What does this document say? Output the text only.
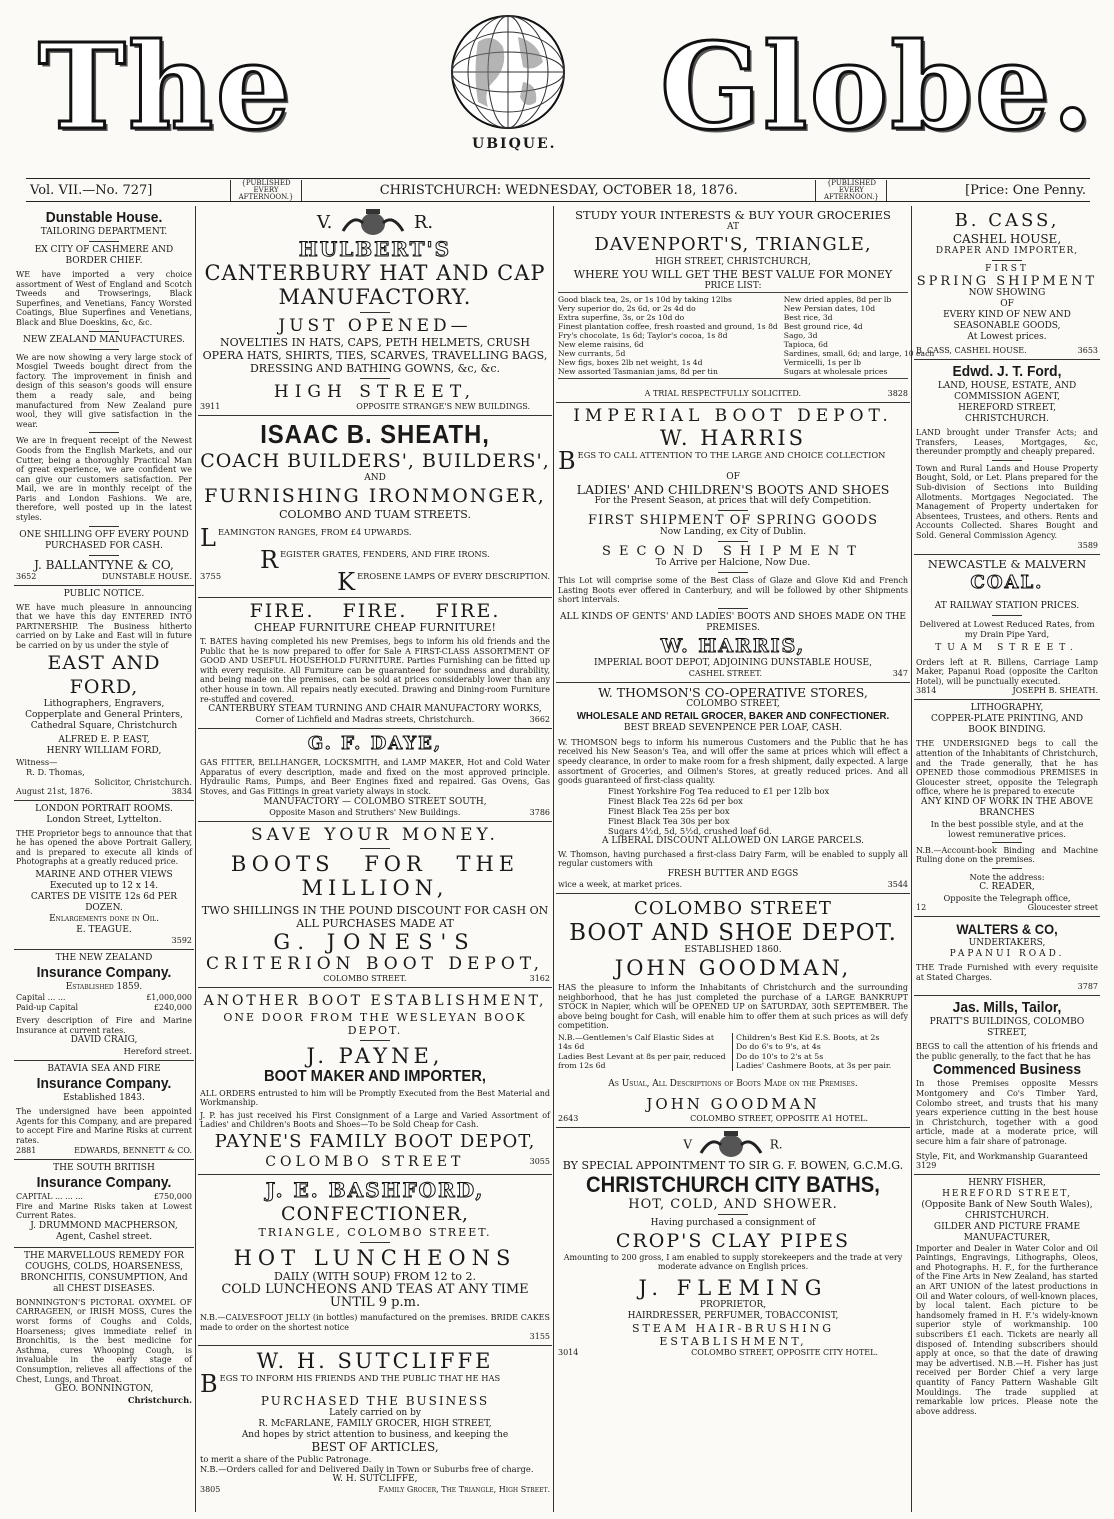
The	UBIQUE. Globe.
Vol. VII.—No. 727]	{PUBLISHED EVERY AFTERNOON.}	CHRISTCHURCH: WEDNESDAY, OCTOBER 18, 1876.	{PUBLISHED EVERY AFTERNOON.}	[Price: One Penny.
Dunstable House.
TAILORING DEPARTMENT.
EX CITY OF CASHMERE AND BORDER CHIEF.
WE have imported a very choice assortment of West of England and Scotch Tweeds and Trowserings, Black Superfines, and Venetians, Fancy Worsted Coatings, Blue Superfines and Venetians, Black and Blue Doeskins, &c, &c.
NEW ZEALAND MANUFACTURES.
We are now showing a very large stock of Mosgiel Tweeds bought direct from the factory. The improvement in finish and design of this season's goods will ensure them a ready sale, and being manufactured from New Zealand pure wool, they will give satisfaction in the wear.
We are in frequent receipt of the Newest Goods from the English Markets, and our Cutter, being a thoroughly Practical Man of great experience, we are confident we can give our customers satisfaction. Per Mail, we are in monthly receipt of the Paris and London Fashions. We are, therefore, well posted up in the latest styles.
ONE SHILLING OFF EVERY POUND PURCHASED FOR CASH.
J. BALLANTYNE & CO,
3652	DUNSTABLE HOUSE.
PUBLIC NOTICE.
WE have much pleasure in announcing that we have this day ENTERED INTO PARTNERSHIP. The Business hitherto carried on by Lake and East will in future be carried on by us under the style of
EAST AND FORD,
Lithographers, Engravers, Copperplate and General Printers,
Cathedral Square, Christchurch
ALFRED E. P. EAST,
HENRY WILLIAM FORD,
Witness—
R. D. Thomas,
Solicitor, Christchurch.
August 21st, 1876.	3834
LONDON PORTRAIT ROOMS.
London Street, Lyttelton.
THE Proprietor begs to announce that that he has opened the above Portrait Gallery, and is prepared to execute all kinds of Photographs at a greatly reduced price.
MARINE AND OTHER VIEWS
Executed up to 12 x 14.
CARTES DE VISITE 12s 6d PER DOZEN.
Enlargements done in Oil.
E. TEAGUE.
3592
THE NEW ZEALAND
Insurance Company.
Established 1859.
Capital ... ...	£1,000,000
Paid-up Capital	£240,000
Every description of Fire and Marine Insurance at current rates.
DAVID CRAIG,
Hereford street.
BATAVIA SEA AND FIRE
Insurance Company.
Established 1843.
The undersigned have been appointed Agents for this Company, and are prepared to accept Fire and Marine Risks at current rates.
2881	EDWARDS, BENNETT & CO.
THE SOUTH BRITISH
Insurance Company.
CAPITAL ... ... ...	£750,000
Fire and Marine Risks taken at Lowest Current Rates.
J. DRUMMOND MACPHERSON,
Agent, Cashel street.
THE MARVELLOUS REMEDY FOR COUGHS, COLDS, HOARSENESS, BRONCHITIS, CONSUMPTION, And all CHEST DISEASES.
BONNINGTON'S PICTORAL OXYMEL OF CARRAGEEN, or IRISH MOSS, Cures the worst forms of Coughs and Colds, Hoarseness; gives immediate relief in Bronchitis, is the best medicine for Asthma, cures Whooping Cough, is invaluable in the early stage of Consumption, relieves all affections of the Chest, Lungs, and Throat.
GEO. BONNINGTON,
Christchurch.
V.	R.
HULBERT'S
CANTERBURY HAT AND CAP MANUFACTORY.
JUST OPENED—
NOVELTIES IN HATS, CAPS, PETH HELMETS, CRUSH OPERA HATS, SHIRTS, TIES, SCARVES, TRAVELLING BAGS, DRESSING AND BATHING GOWNS, &c, &c.
HIGH STREET,
3911	OPPOSITE STRANGE'S NEW BUILDINGS.
ISAAC B. SHEATH,
COACH BUILDERS', BUILDERS',
AND
FURNISHING IRONMONGER,
COLOMBO AND TUAM STREETS.
LEAMINGTON RANGES, FROM £4 UPWARDS.
REGISTER GRATES, FENDERS, AND FIRE IRONS.
3755	KEROSENE LAMPS OF EVERY DESCRIPTION.
FIRE. FIRE. FIRE.
CHEAP FURNITURE CHEAP FURNITURE!
T. BATES having completed his new Premises, begs to inform his old friends and the Public that he is now prepared to offer for Sale A FIRST-CLASS ASSORTMENT OF GOOD AND USEFUL HOUSEHOLD FURNITURE. Parties Furnishing can be fitted up with every requisite. All Furniture can be guaranteed for soundness and durability, and being made on the premises, can be sold at prices considerably lower than any other house in town. All repairs neatly executed. Drawing and Dining-room Furniture re-stuffed and covered.
CANTERBURY STEAM TURNING AND CHAIR MANUFACTORY WORKS,
Corner of Lichfield and Madras streets, Christchurch.	3662
G. F. DAYE,
GAS FITTER, BELLHANGER, LOCKSMITH, and LAMP MAKER, Hot and Cold Water Apparatus of every description, made and fixed on the most approved principle. Hydraulic Rams, Pumps, and Beer Engines fixed and repaired. Gas Ovens, Gas Stoves, and Gas Fittings in great variety always in stock.
MANUFACTORY — COLOMBO STREET SOUTH,
Opposite Mason and Struthers' New Buildings.	3786
SAVE YOUR MONEY.
BOOTS FOR THE MILLION,
TWO SHILLINGS IN THE POUND DISCOUNT FOR CASH ON ALL PURCHASES MADE AT
G. JONES'S
CRITERION BOOT DEPOT,
COLOMBO STREET.	3162
ANOTHER BOOT ESTABLISHMENT,
ONE DOOR FROM THE WESLEYAN BOOK DEPOT.
J. PAYNE,
BOOT MAKER AND IMPORTER,
ALL ORDERS entrusted to him will be Promptly Executed from the Best Material and Workmanship.
J. P. has just received his First Consignment of a Large and Varied Assortment of Ladies' and Children's Boots and Shoes—To be Sold Cheap for Cash.
PAYNE'S FAMILY BOOT DEPOT,
COLOMBO STREET	3055
J. E. BASHFORD,
CONFECTIONER,
TRIANGLE, COLOMBO STREET.
HOT LUNCHEONS
DAILY (WITH SOUP) FROM 12 to 2.
COLD LUNCHEONS AND TEAS AT ANY TIME
UNTIL 9 p.m.
N.B.—CALVESFOOT JELLY (in bottles) manufactured on the premises. BRIDE CAKES made to order on the shortest notice
3155
W. H. SUTCLIFFE
BEGS TO INFORM HIS FRIENDS AND THE PUBLIC THAT HE HAS
PURCHASED THE BUSINESS
Lately carried on by
R. McFARLANE, FAMILY GROCER, HIGH STREET,
And hopes by strict attention to business, and keeping the
BEST OF ARTICLES,
to merit a share of the Public Patronage.
N.B.—Orders called for and Delivered Daily in Town or Suburbs free of charge.
W. H. SUTCLIFFE,
3805	Family Grocer, The Triangle, High Street.
STUDY YOUR INTERESTS & BUY YOUR GROCERIES
AT
DAVENPORT'S, TRIANGLE,
HIGH STREET, CHRISTCHURCH,
WHERE YOU WILL GET THE BEST VALUE FOR MONEY
PRICE LIST:
Good black tea, 2s, or 1s 10d by taking 12lbs	New dried apples, 8d per lb
Very superior do, 2s 6d, or 2s 4d do	New Persian dates, 10d
Extra superfine, 3s, or 2s 10d do	Best rice, 3d
Finest plantation coffee, fresh roasted and ground, 1s 8d Best ground rice, 4d
Fry's chocolate, 1s 6d; Taylor's cocoa, 1s 8d	Sago, 3d
New eleme raisins, 6d	Tapioca, 6d
New currants, 5d	Sardines, small, 6d; and large, 10 each
New figs, boxes 2lb net weight, 1s 4d	Vermicelli, 1s per lb
New assorted Tasmanian jams, 8d per tin	Sugars at wholesale prices
A TRIAL RESPECTFULLY SOLICITED.	3828
IMPERIAL BOOT DEPOT.
W. HARRIS
BEGS TO CALL ATTENTION TO THE LARGE AND CHOICE COLLECTION
OF
LADIES' AND CHILDREN'S BOOTS AND SHOES
For the Present Season, at prices that will defy Competition.
FIRST SHIPMENT OF SPRING GOODS
Now Landing, ex City of Dublin.
SECOND SHIPMENT
To Arrive per Halcione, Now Due.
This Lot will comprise some of the Best Class of Glaze and Glove Kid and French Lasting Boots ever offered in Canterbury, and will be followed by other Shipments short intervals.
ALL KINDS OF GENTS' AND LADIES' BOOTS AND SHOES MADE ON THE PREMISES.
W. HARRIS,
IMPERIAL BOOT DEPOT, ADJOINING DUNSTABLE HOUSE,
CASHEL STREET.	347
W. THOMSON'S CO-OPERATIVE STORES,
COLOMBO STREET,
WHOLESALE AND RETAIL GROCER, BAKER AND CONFECTIONER.
BEST BREAD SEVENPENCE PER LOAF, CASH.
W. THOMSON begs to inform his numerous Customers and the Public that he has received his New Season's Tea, and will offer the same at prices which will effect a speedy clearance, in order to make room for a fresh shipment, daily expected. A large assortment of Groceries, and Oilmen's Stores, at greatly reduced prices. And all goods guaranteed of first-class quality.
Finest Yorkshire Fog Tea reduced to £1 per 12lb box
Finest Black Tea 22s 6d per box
Finest Black Tea 25s per box
Finest Black Tea 30s per box
Sugars 4½d, 5d, 5½d, crushed loaf 6d.
A LIBERAL DISCOUNT ALLOWED ON LARGE PARCELS.
W. Thomson, having purchased a first-class Dairy Farm, will be enabled to supply all regular customers with
FRESH BUTTER AND EGGS
wice a week, at market prices.	3544
COLOMBO STREET
BOOT AND SHOE DEPOT.
ESTABLISHED 1860.
JOHN GOODMAN,
HAS the pleasure to inform the Inhabitants of Christchurch and the surrounding neighborhood, that he has just completed the purchase of a LARGE BANKRUPT STOCK in Napier, which will be OPENED UP on SATURDAY, 30th SEPTEMBER. The above being bought for Cash, will enable him to offer them at such prices as will defy competition.
N.B.—Gentlemen's Calf Elastic Sides at 14s 6d
Ladies Best Levant at 8s per pair, reduced from 12s 6d
Children's Best Kid E.S. Boots, at 2s
Do do 6's to 9's, at 4s
Do do 10's to 2's at 5s
Ladies' Cashmere Boots, at 3s per pair.
As Usual, All Descriptions of Boots Made on the Premises.
JOHN GOODMAN
2643	COLOMBO STREET, OPPOSITE A1 HOTEL.
V	R.
BY SPECIAL APPOINTMENT TO SIR G. F. BOWEN, G.C.M.G.
CHRISTCHURCH CITY BATHS,
HOT, COLD, AND SHOWER.
Having purchased a consignment of
CROP'S CLAY PIPES
Amounting to 200 gross, I am enabled to supply storekeepers and the trade at very moderate advance on English prices.
J. FLEMING
PROPRIETOR,
HAIRDRESSER, PERFUMER, TOBACCONIST,
STEAM HAIR-BRUSHING ESTABLISHMENT,
3014	COLOMBO STREET, OPPOSITE CITY HOTEL.
B. CASS,
CASHEL HOUSE,
DRAPER AND IMPORTER,
FIRST
SPRING SHIPMENT
NOW SHOWING
OF
EVERY KIND OF NEW AND SEASONABLE GOODS,
At Lowest prices.
B. CASS, CASHEL HOUSE.	3653
Edwd. J. T. Ford,
LAND, HOUSE, ESTATE, AND COMMISSION AGENT,
HEREFORD STREET, CHRISTCHURCH.
LAND brought under Transfer Acts; and Transfers, Leases, Mortgages, &c, thereunder promptly and cheaply prepared.
Town and Rural Lands and House Property Bought, Sold, or Let. Plans prepared for the Sub-division of Sections into Building Allotments. Mortgages Negociated. The Management of Property undertaken for Absentees, Trustees, and others. Rents and Accounts Collected. Shares Bought and Sold. General Commission Agency.
3589
NEWCASTLE & MALVERN
COAL.
AT RAILWAY STATION PRICES.
Delivered at Lowest Reduced Rates, from my Drain Pipe Yard,
TUAM STREET.
Orders left at R. Billens, Carriage Lamp Maker, Papanui Road (opposite the Carlton Hotel), will be punctually executed.
3814	JOSEPH B. SHEATH.
LITHOGRAPHY,
COPPER-PLATE PRINTING, AND BOOK BINDING.
THE UNDERSIGNED begs to call the attention of the Inhabitants of Christchurch, and the Trade generally, that he has OPENED those commodious PREMISES in Gloucester street, opposite the Telegraph office, where he is prepared to execute
ANY KIND OF WORK IN THE ABOVE BRANCHES
In the best possible style, and at the lowest remunerative prices.
N.B.—Account-book Binding and Machine Ruling done on the premises.
Note the address:
C. READER,
Opposite the Telegraph office,
12	Gloucester street
WALTERS & CO,
UNDERTAKERS,
PAPANUI ROAD.
THE Trade Furnished with every requisite at Stated Charges.
3787
Jas. Mills, Tailor,
PRATT'S BUILDINGS, COLOMBO STREET,
BEGS to call the attention of his friends and the public generally, to the fact that he has
Commenced Business
In those Premises opposite Messrs Montgomery and Co's Timber Yard, Colombo street, and trusts that his many years experience cutting in the best house in Christchurch, together with a good article, made at a moderate price, will secure him a fair share of patronage.
Style, Fit, and Workmanship Guaranteed
3129
HENRY FISHER,
HEREFORD STREET,
(Opposite Bank of New South Wales),
CHRISTCHURCH.
GILDER AND PICTURE FRAME MANUFACTURER,
Importer and Dealer in Water Color and Oil Paintings, Engravings, Lithographs, Oleos, and Photographs. H. F., for the furtherance of the Fine Arts in New Zealand, has started an ART UNION of the latest productions in Oil and Water colours, of well-known places, by local talent. Each picture to be handsomely framed in H. F.'s widely-known superior style of workmanship. 100 subscribers £1 each. Tickets are nearly all disposed of. Intending subscribers should apply at once, so that the date of drawing may be advertised. N.B.—H. Fisher has just received per Border Chief a very large quantity of Fancy Pattern Washable Gilt Mouldings. The trade supplied at remarkable low prices. Please note the above address.
